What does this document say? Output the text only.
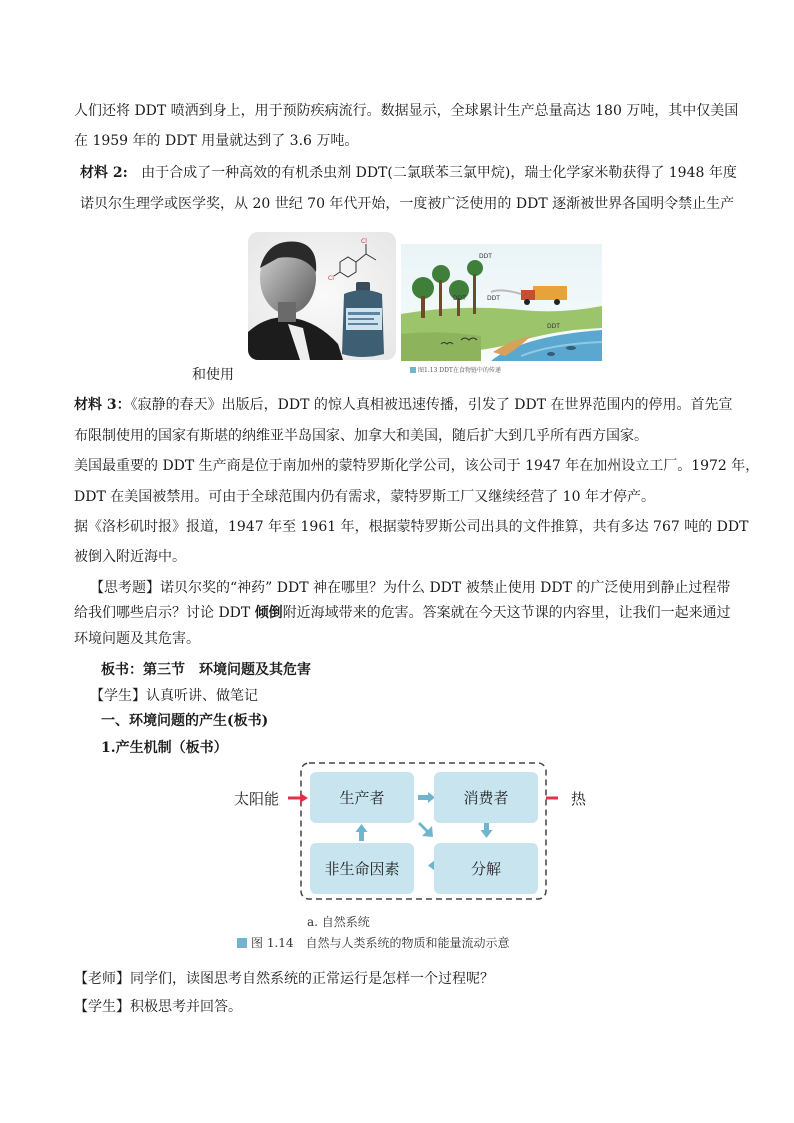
人们还将 DDT 喷洒到身上，用于预防疾病流行。数据显示，全球累计生产总量高达 180 万吨，其中仅美国
在 1959 年的 DDT 用量就达到了 3.6 万吨。
材料 2: 由于合成了一种高效的有机杀虫剂 DDT(二氯联苯三氯甲烷)，瑞士化学家米勒获得了 1948 年度
诺贝尔生理学或医学奖，从 20 世纪 70 年代开始，一度被广泛使用的 DDT 逐渐被世界各国明令禁止生产
Cl
Cl
和使用
DDT
DDT	DDT
DDT
图1.13 DDT在食物链中的传递
材料 3：《寂静的春天》出版后，DDT 的惊人真相被迅速传播，引发了 DDT 在世界范围内的停用。首先宣
布限制使用的国家有斯堪的纳维亚半岛国家、加拿大和美国，随后扩大到几乎所有西方国家。
美国最重要的 DDT 生产商是位于南加州的蒙特罗斯化学公司，该公司于 1947 年在加州设立工厂。1972 年，
DDT 在美国被禁用。可由于全球范围内仍有需求，蒙特罗斯工厂又继续经营了 10 年才停产。
据《洛杉矶时报》报道，1947 年至 1961 年，根据蒙特罗斯公司出具的文件推算，共有多达 767 吨的 DDT
被倒入附近海中。
【思考题】诺贝尔奖的“神药” DDT 神在哪里？为什么 DDT 被禁止使用 DDT 的广泛使用到静止过程带
给我们哪些启示？讨论 DDT 倾倒附近海域带来的危害。答案就在今天这节课的内容里，让我们一起来通过
环境问题及其危害。
板书：第三节　环境问题及其危害
【学生】认真听讲、做笔记
一、环境问题的产生(板书)
1.产生机制（板书）
生产者	消费者
非生命因素	分解
太阳能	热
a. 自然系统
图 1.14　自然与人类系统的物质和能量流动示意
【老师】同学们，读图思考自然系统的正常运行是怎样一个过程呢？
【学生】积极思考并回答。
